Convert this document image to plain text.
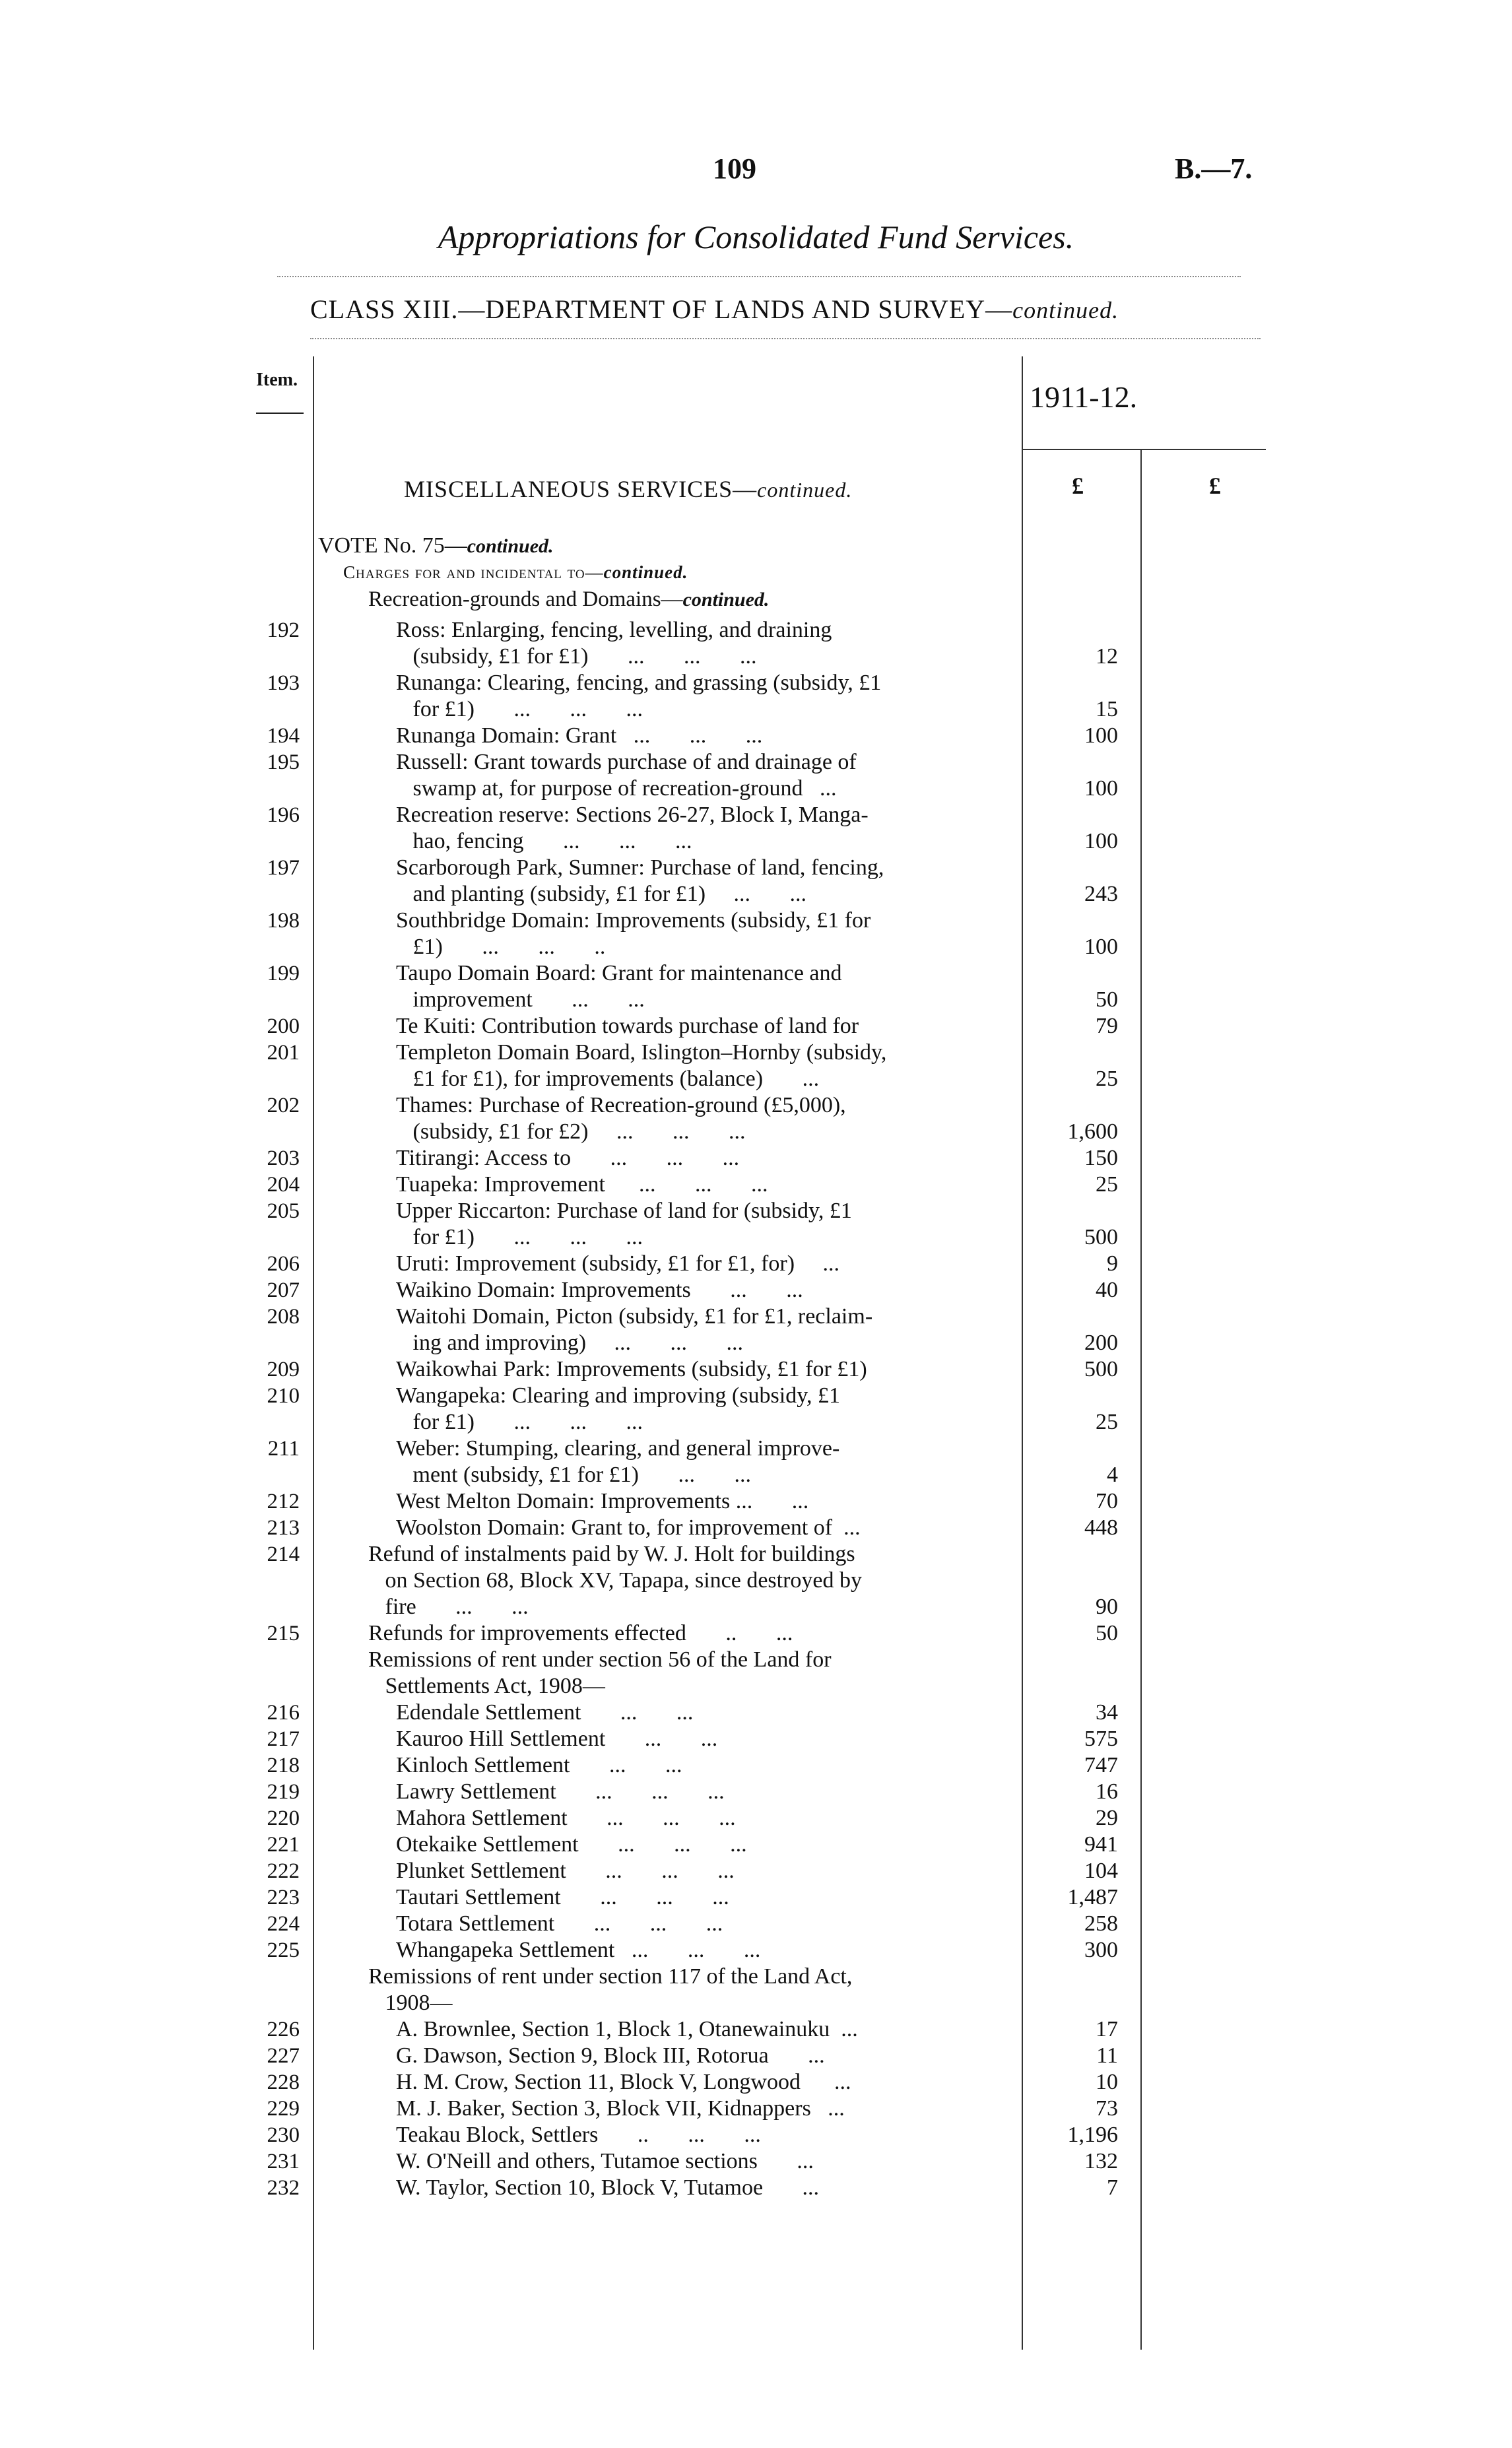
109	B.—7.
Appropriations for Consolidated Fund Services.
CLASS XIII.—DEPARTMENT OF LANDS AND SURVEY—continued.
Item.
1911-12.
£	£
MISCELLANEOUS SERVICES—continued.
VOTE No. 75—continued.
Charges for and incidental to—continued.
Recreation-grounds and Domains—continued.
192	Ross: Enlarging, fencing, levelling, and draining
(subsidy, £1 for £1)       ...       ...       ...	12
193	Runanga: Clearing, fencing, and grassing (subsidy, £1
for £1)       ...       ...       ...	15
194	Runanga Domain: Grant   ...       ...       ...	100
195	Russell: Grant towards purchase of and drainage of
swamp at, for purpose of recreation-ground   ...	100
196	Recreation reserve: Sections 26-27, Block I, Manga-
hao, fencing       ...       ...       ...	100
197	Scarborough Park, Sumner: Purchase of land, fencing,
and planting (subsidy, £1 for £1)     ...       ...	243
198	Southbridge Domain: Improvements (subsidy, £1 for
£1)       ...       ...       ..	100
199	Taupo Domain Board: Grant for maintenance and
improvement       ...       ...	50
200	Te Kuiti: Contribution towards purchase of land for	79
201	Templeton Domain Board, Islington–Hornby (subsidy,
£1 for £1), for improvements (balance)       ...	25
202	Thames: Purchase of Recreation-ground (£5,000),
(subsidy, £1 for £2)     ...       ...       ...	1,600
203	Titirangi: Access to       ...       ...       ...	150
204	Tuapeka: Improvement      ...       ...       ...	25
205	Upper Riccarton: Purchase of land for (subsidy, £1
for £1)       ...       ...       ...	500
206	Uruti: Improvement (subsidy, £1 for £1, for)     ...	9
207	Waikino Domain: Improvements       ...       ...	40
208	Waitohi Domain, Picton (subsidy, £1 for £1, reclaim-
ing and improving)     ...       ...       ...	200
209	Waikowhai Park: Improvements (subsidy, £1 for £1)	500
210	Wangapeka: Clearing and improving (subsidy, £1
for £1)       ...       ...       ...	25
211	Weber: Stumping, clearing, and general improve-
ment (subsidy, £1 for £1)       ...       ...	4
212	West Melton Domain: Improvements ...       ...	70
213	Woolston Domain: Grant to, for improvement of  ...	448
214	Refund of instalments paid by W. J. Holt for buildings
on Section 68, Block XV, Tapapa, since destroyed by
fire       ...       ...	90
215	Refunds for improvements effected       ..       ...	50
Remissions of rent under section 56 of the Land for
Settlements Act, 1908—
216	Edendale Settlement       ...       ...	34
217	Kauroo Hill Settlement       ...       ...	575
218	Kinloch Settlement       ...       ...	747
219	Lawry Settlement       ...       ...       ...	16
220	Mahora Settlement       ...       ...       ...	29
221	Otekaike Settlement       ...       ...       ...	941
222	Plunket Settlement       ...       ...       ...	104
223	Tautari Settlement       ...       ...       ...	1,487
224	Totara Settlement       ...       ...       ...	258
225	Whangapeka Settlement   ...       ...       ...	300
Remissions of rent under section 117 of the Land Act,
1908—
226	A. Brownlee, Section 1, Block 1, Otanewainuku  ...	17
227	G. Dawson, Section 9, Block III, Rotorua       ...	11
228	H. M. Crow, Section 11, Block V, Longwood      ...	10
229	M. J. Baker, Section 3, Block VII, Kidnappers   ...	73
230	Teakau Block, Settlers       ..       ...       ...	1,196
231	W. O'Neill and others, Tutamoe sections       ...	132
232	W. Taylor, Section 10, Block V, Tutamoe       ...	7
